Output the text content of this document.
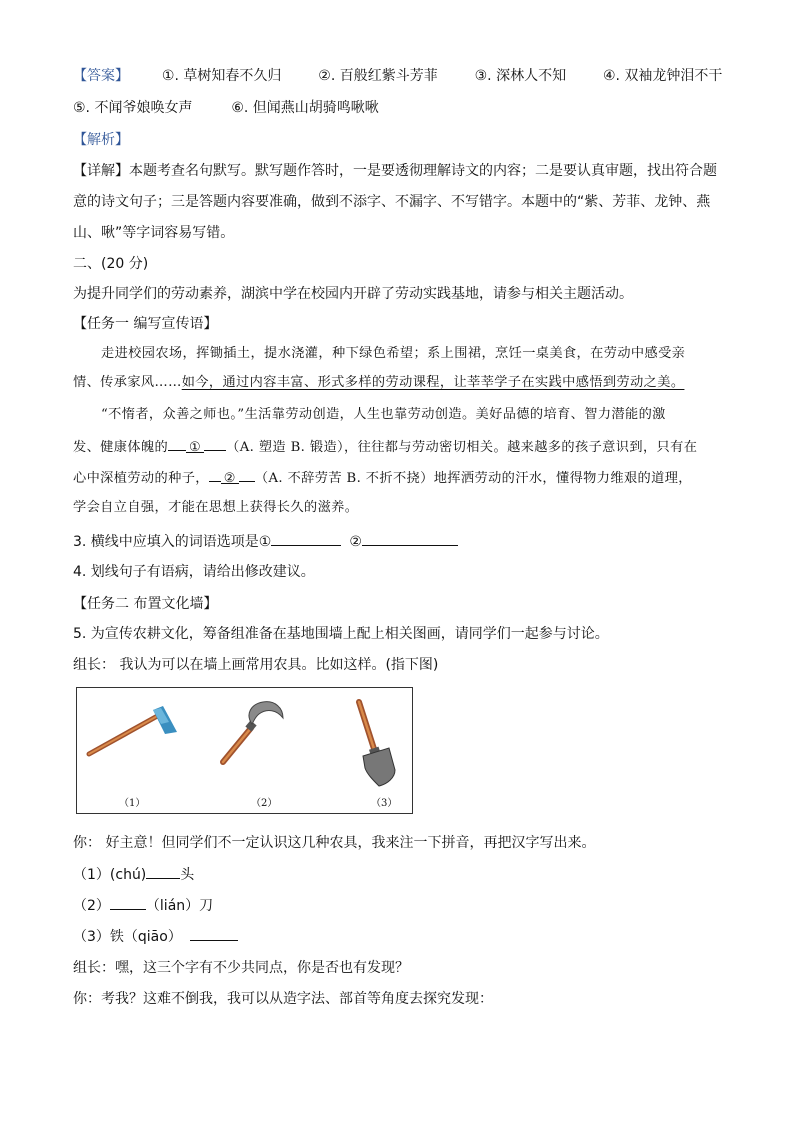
【答案】 ①. 草树知春不久归	②. 百般红紫斗芳菲	③. 深林人不知	④. 双袖龙钟泪不干
⑤. 不闻爷娘唤女声	⑥. 但闻燕山胡骑鸣啾啾
【解析】
【详解】本题考查名句默写。默写题作答时，一是要透彻理解诗文的内容；二是要认真审题，找出符合题
意的诗文句子；三是答题内容要准确，做到不添字、不漏字、不写错字。本题中的“紫、芳菲、龙钟、燕
山、啾”等字词容易写错。
二、(20 分)
为提升同学们的劳动素养，湖滨中学在校园内开辟了劳动实践基地，请参与相关主题活动。
【任务一 编写宣传语】
走进校园农场，挥锄插土，提水浇灌，种下绿色希望；系上围裙，烹饪一桌美食，在劳动中感受亲
情、传承家风……如今，通过内容丰富、形式多样的劳动课程，让莘莘学子在实践中感悟到劳动之美。
“不惰者，众善之师也。”生活靠劳动创造，人生也靠劳动创造。美好品德的培育、智力潜能的激
发、健康体魄的 ① （A. 塑造 B. 锻造），往往都与劳动密切相关。越来越多的孩子意识到，只有在
心中深植劳动的种子， ② （A. 不辞劳苦 B. 不折不挠）地挥洒劳动的汗水，懂得物力维艰的道理，
学会自立自强，才能在思想上获得长久的滋养。
3. 横线中应填入的词语选项是①	②
4. 划线句子有语病，请给出修改建议。
【任务二 布置文化墙】
5. 为宣传农耕文化，筹备组准备在基地围墙上配上相关图画，请同学们一起参与讨论。
组长： 我认为可以在墙上画常用农具。比如这样。(指下图)
（1）	（2）	（3）
你： 好主意！但同学们不一定认识这几种农具，我来注一下拼音，再把汉字写出来。
（1）(chú) 头
（2）	（lián）刀
（3）铁（qiāo）
组长：嘿，这三个字有不少共同点，你是否也有发现？
你：考我？这难不倒我，我可以从造字法、部首等角度去探究发现：
